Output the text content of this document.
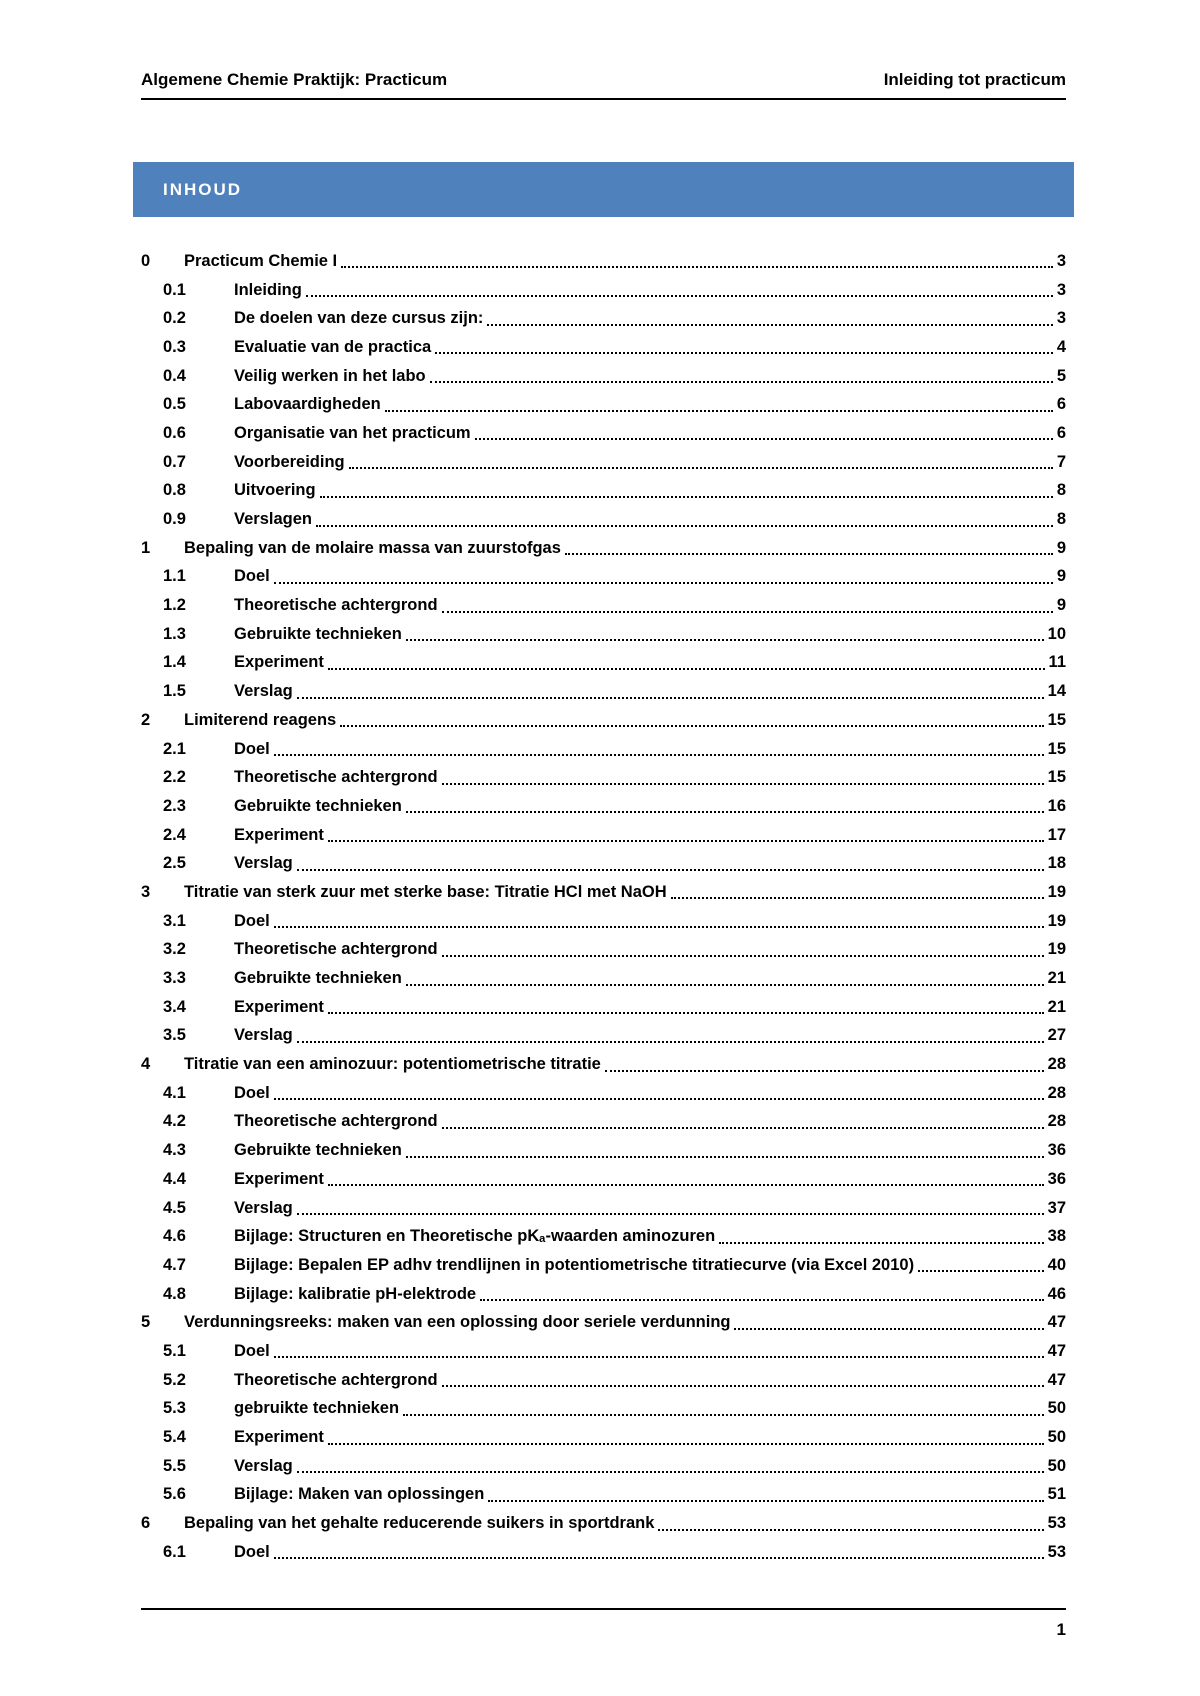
Algemene Chemie Praktijk: Practicum	Inleiding tot practicum
INHOUD
0	Practicum Chemie I	3
0.1	Inleiding	3
0.2	De doelen van deze cursus zijn:	3
0.3	Evaluatie van de practica	4
0.4	Veilig werken in het labo	5
0.5	Labovaardigheden	6
0.6	Organisatie van het practicum	6
0.7	Voorbereiding	7
0.8	Uitvoering	8
0.9	Verslagen	8
1	Bepaling van de molaire massa van zuurstofgas	9
1.1	Doel	9
1.2	Theoretische achtergrond	9
1.3	Gebruikte technieken	10
1.4	Experiment	11
1.5	Verslag	14
2	Limiterend reagens	15
2.1	Doel	15
2.2	Theoretische achtergrond	15
2.3	Gebruikte technieken	16
2.4	Experiment	17
2.5	Verslag	18
3	Titratie van sterk zuur met sterke base: Titratie HCl met NaOH	19
3.1	Doel	19
3.2	Theoretische achtergrond	19
3.3	Gebruikte technieken	21
3.4	Experiment	21
3.5	Verslag	27
4	Titratie van een aminozuur: potentiometrische titratie	28
4.1	Doel	28
4.2	Theoretische achtergrond	28
4.3	Gebruikte technieken	36
4.4	Experiment	36
4.5	Verslag	37
4.6	Bijlage: Structuren en Theoretische pKₐ-waarden aminozuren	38
4.7	Bijlage: Bepalen EP adhv trendlijnen in potentiometrische titratiecurve (via Excel 2010)	40
4.8	Bijlage: kalibratie pH-elektrode	46
5	Verdunningsreeks: maken van een oplossing door seriele verdunning	47
5.1	Doel	47
5.2	Theoretische achtergrond	47
5.3	gebruikte technieken	50
5.4	Experiment	50
5.5	Verslag	50
5.6	Bijlage: Maken van oplossingen	51
6	Bepaling van het gehalte reducerende suikers in sportdrank	53
6.1	Doel	53
1
